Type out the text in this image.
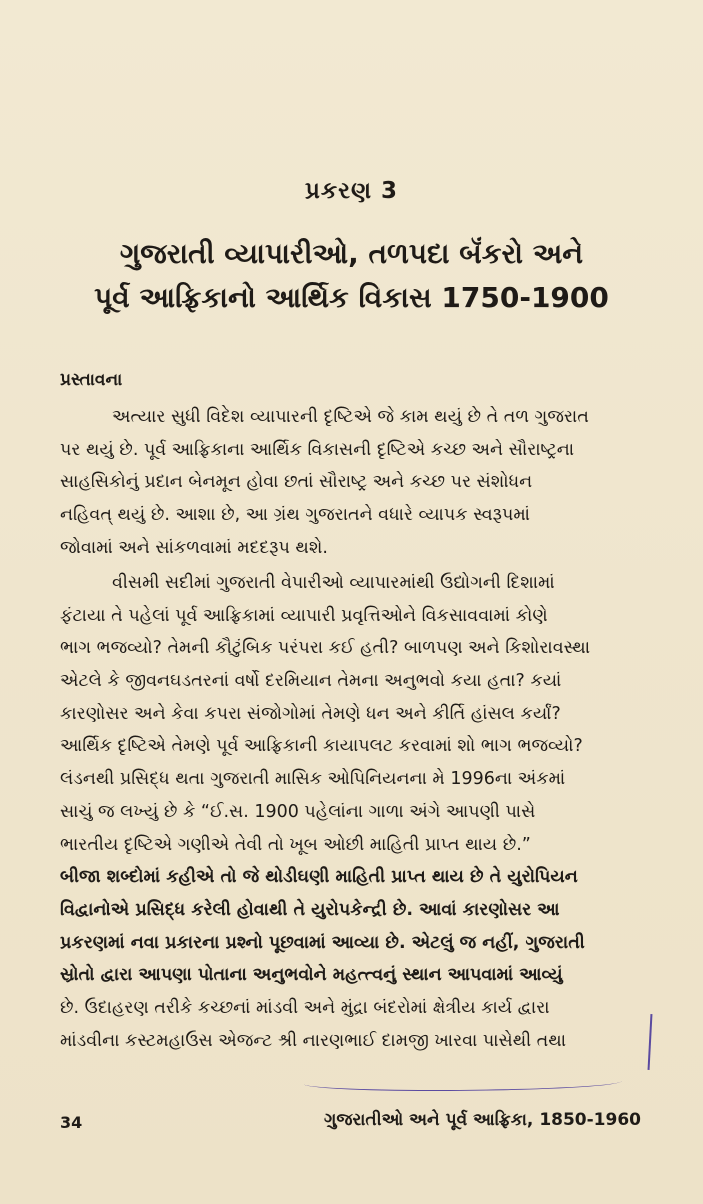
પ્રકરણ 3
ગુજરાતી વ્યાપારીઓ, તળપદા બૅંકરો અને
પૂર્વ આફ્રિકાનો આર્થિક વિકાસ 1750-1900
પ્રસ્તાવના
અત્યાર સુધી વિદેશ વ્યાપારની દૃષ્ટિએ જે કામ થયું છે તે તળ ગુજરાત
પર થયું છે. પૂર્વ આફ્રિકાના આર્થિક વિકાસની દૃષ્ટિએ કચ્છ અને સૌરાષ્ટ્રના
સાહસિકોનું પ્રદાન બેનમૂન હોવા છતાં સૌરાષ્ટ્ર અને કચ્છ પર સંશોધન
નહિવત્ થયું છે. આશા છે, આ ગ્રંથ ગુજરાતને વધારે વ્યાપક સ્વરૂપમાં
જોવામાં અને સાંકળવામાં મદદરૂપ થશે.
વીસમી સદીમાં ગુજરાતી વેપારીઓ વ્યાપારમાંથી ઉદ્યોગની દિશામાં
ફંટાયા તે પહેલાં પૂર્વ આફ્રિકામાં વ્યાપારી પ્રવૃત્તિઓને વિકસાવવામાં કોણે
ભાગ ભજવ્યો? તેમની કૌટુંબિક પરંપરા કઈ હતી? બાળપણ અને કિશોરાવસ્થા
એટલે કે જીવનઘડતરનાં વર્ષો દરમિયાન તેમના અનુભવો કયા હતા? કયાં
કારણોસર અને કેવા કપરા સંજોગોમાં તેમણે ધન અને કીર્તિ હાંસલ કર્યાં?
આર્થિક દૃષ્ટિએ તેમણે પૂર્વ આફ્રિકાની કાયાપલટ કરવામાં શો ભાગ ભજવ્યો?
લંડનથી પ્રસિદ્ધ થતા ગુજરાતી માસિક ઓપિનિયનના મે 1996ના અંકમાં
સાચું જ લખ્યું છે કે “ઈ.સ. 1900 પહેલાંના ગાળા અંગે આપણી પાસે
ભારતીય દૃષ્ટિએ ગણીએ તેવી તો ખૂબ ઓછી માહિતી પ્રાપ્ત થાય છે.”
બીજા શબ્દોમાં કહીએ તો જે થોડીઘણી માહિતી પ્રાપ્ત થાય છે તે યુરોપિયન
વિદ્વાનોએ પ્રસિદ્ધ કરેલી હોવાથી તે યુરોપકેન્દ્રી છે. આવાં કારણોસર આ
પ્રકરણમાં નવા પ્રકારના પ્રશ્નો પૂછવામાં આવ્યા છે. એટલું જ નહીં, ગુજરાતી
સ્રોતો દ્વારા આપણા પોતાના અનુભવોને મહત્ત્વનું સ્થાન આપવામાં આવ્યું
છે. ઉદાહરણ તરીકે કચ્છનાં માંડવી અને મુંદ્રા બંદરોમાં ક્ષેત્રીય કાર્ય દ્વારા
માંડવીના કસ્ટમહાઉસ એજન્ટ શ્રી નારણભાઈ દામજી ખારવા પાસેથી તથા
34	ગુજરાતીઓ અને પૂર્વ આફ્રિકા, 1850-1960
